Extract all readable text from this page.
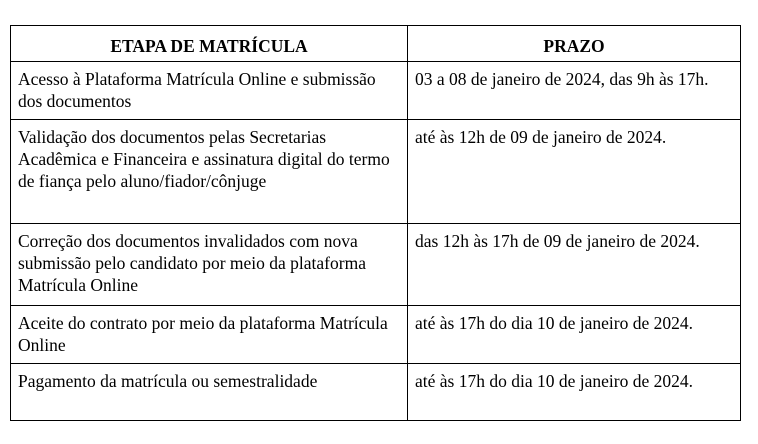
ETAPA DE MATRÍCULA	PRAZO
Acesso à Plataforma Matrícula Online e submissão dos documentos	03 a 08 de janeiro de 2024, das 9h às 17h.
Validação dos documentos pelas Secretarias Acadêmica e Financeira e assinatura digital do termo de fiança pelo aluno/fiador/cônjuge	até às 12h de 09 de janeiro de 2024.
Correção dos documentos invalidados com nova submissão pelo candidato por meio da plataforma Matrícula Online	das 12h às 17h de 09 de janeiro de 2024.
Aceite do contrato por meio da plataforma Matrícula Online	até às 17h do dia 10 de janeiro de 2024.
Pagamento da matrícula ou semestralidade	até às 17h do dia 10 de janeiro de 2024.
